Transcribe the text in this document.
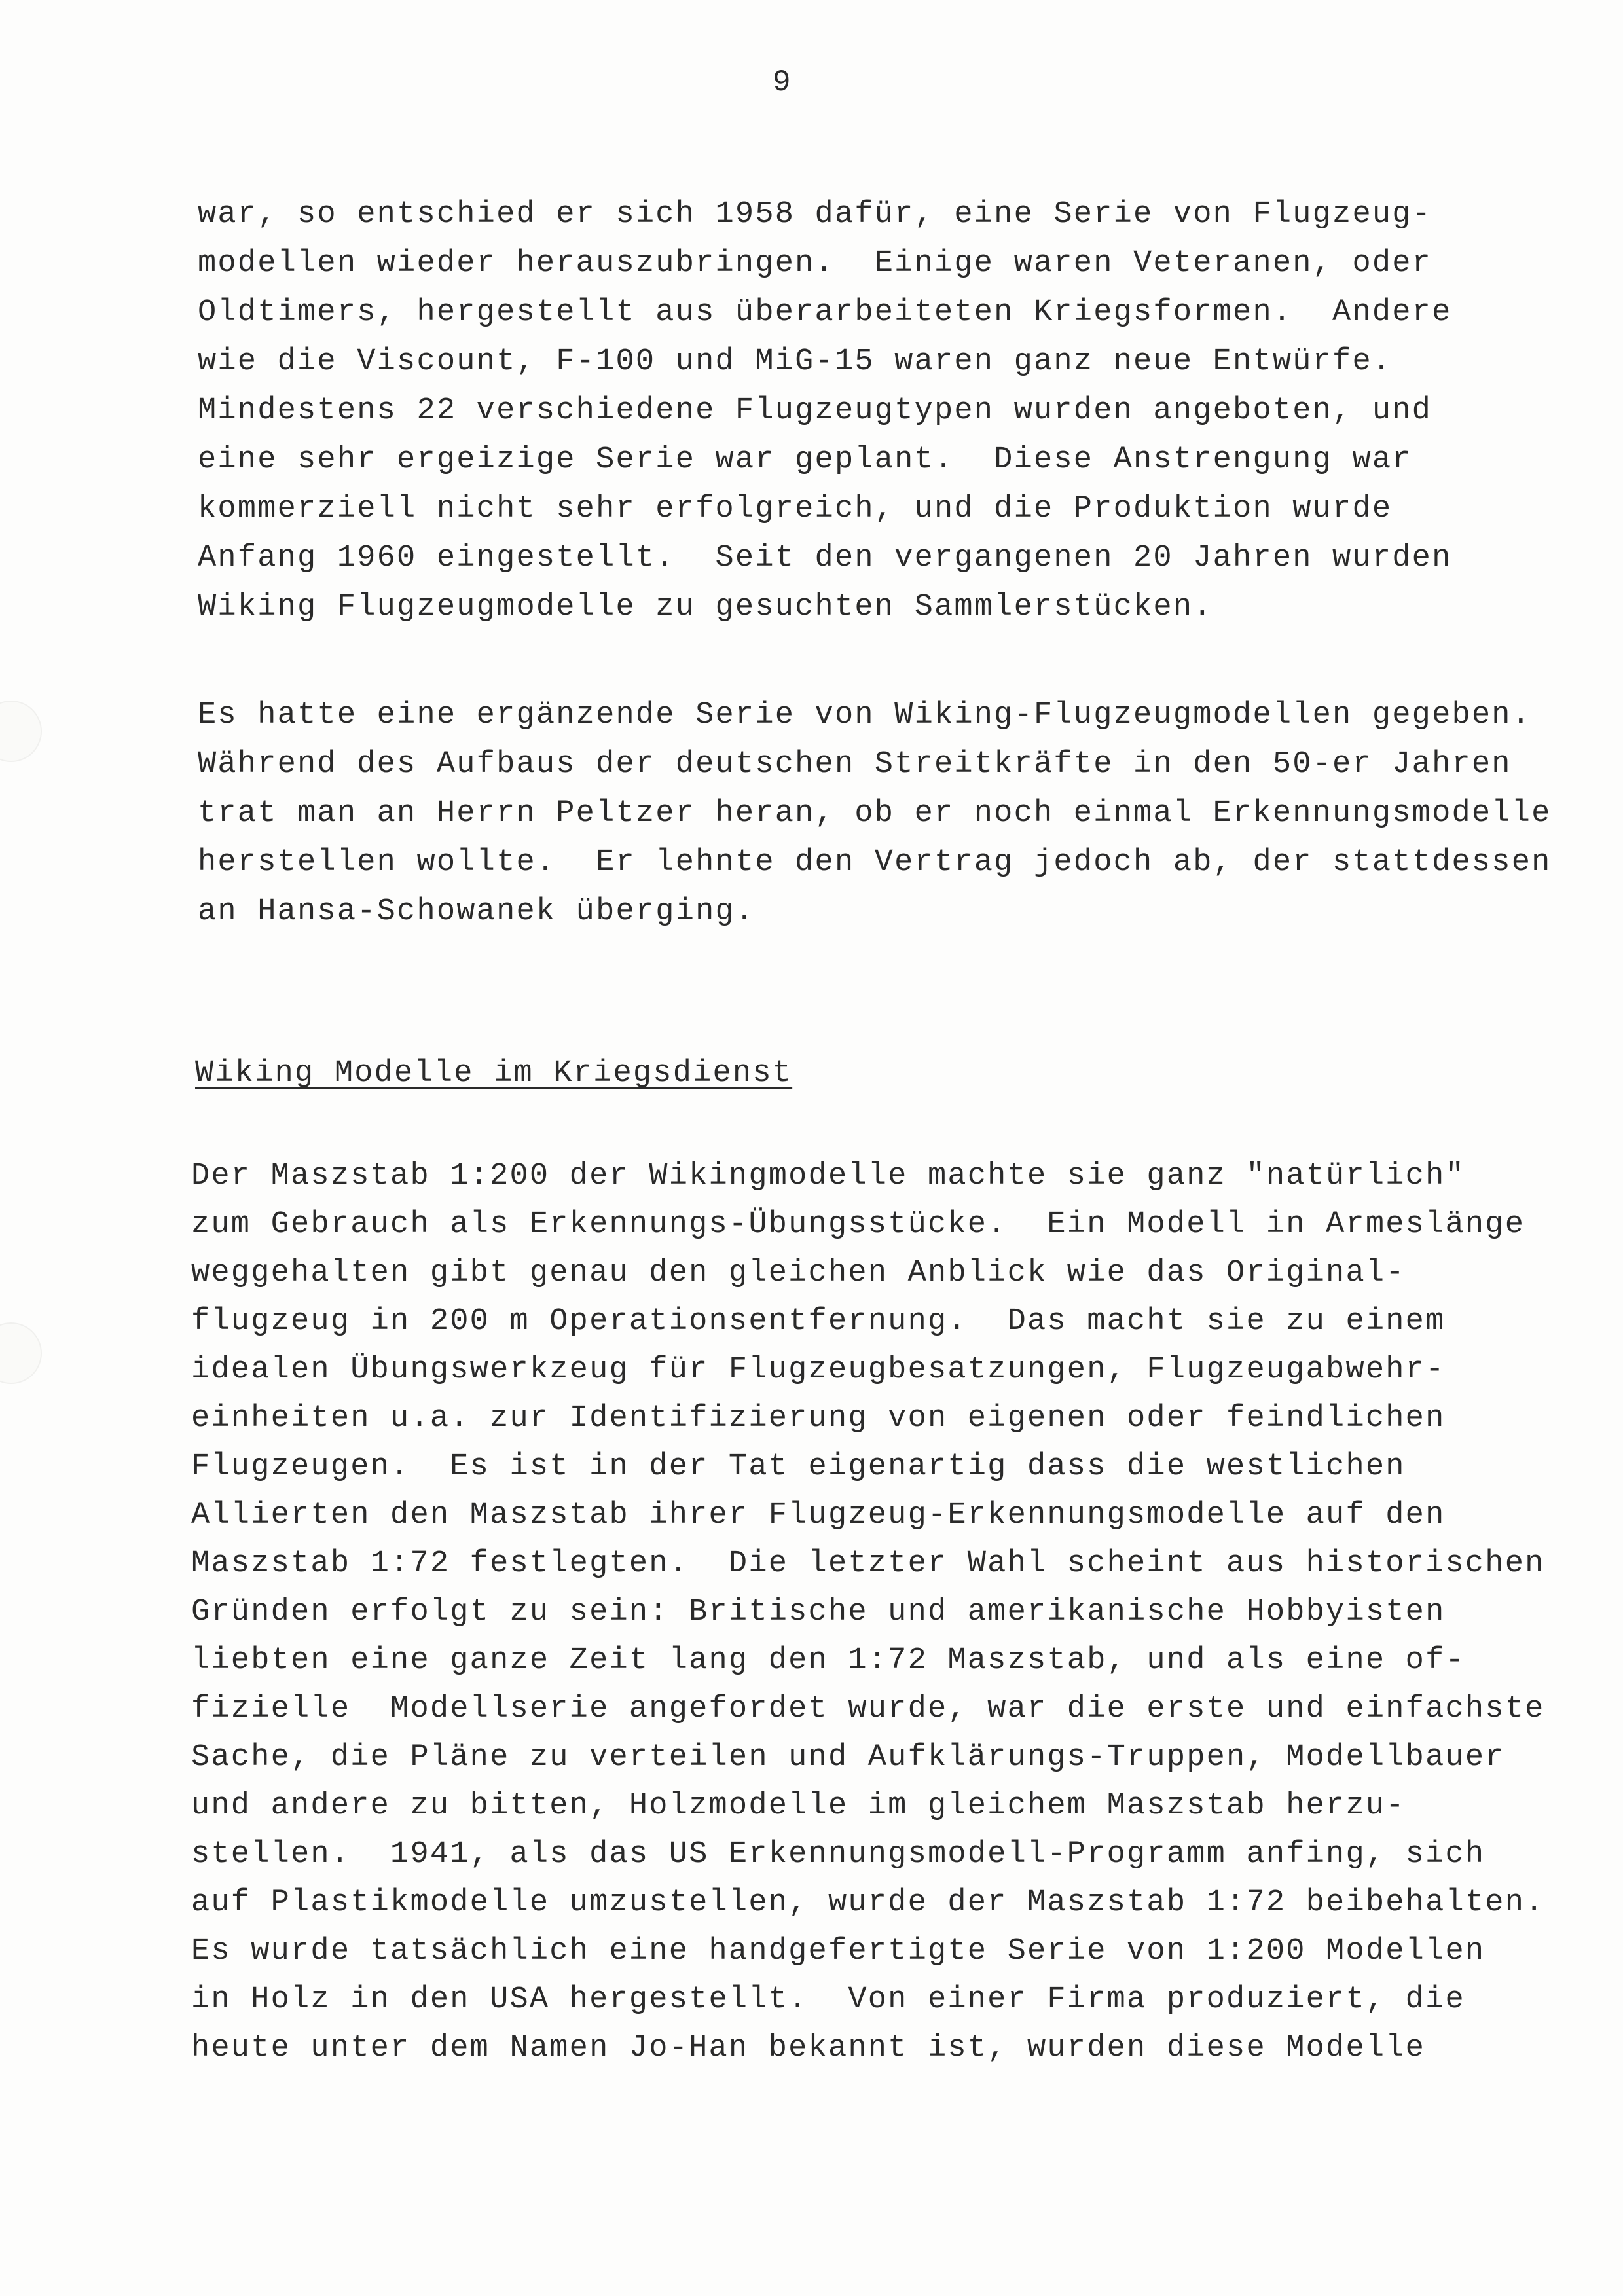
9
war, so entschied er sich 1958 dafür, eine Serie von Flugzeug-
modellen wieder herauszubringen.  Einige waren Veteranen, oder
Oldtimers, hergestellt aus überarbeiteten Kriegsformen.  Andere
wie die Viscount, F-100 und MiG-15 waren ganz neue Entwürfe.
Mindestens 22 verschiedene Flugzeugtypen wurden angeboten, und
eine sehr ergeizige Serie war geplant.  Diese Anstrengung war
kommerziell nicht sehr erfolgreich, und die Produktion wurde
Anfang 1960 eingestellt.  Seit den vergangenen 20 Jahren wurden
Wiking Flugzeugmodelle zu gesuchten Sammlerstücken.
Es hatte eine ergänzende Serie von Wiking-Flugzeugmodellen gegeben.
Während des Aufbaus der deutschen Streitkräfte in den 50-er Jahren
trat man an Herrn Peltzer heran, ob er noch einmal Erkennungsmodelle
herstellen wollte.  Er lehnte den Vertrag jedoch ab, der stattdessen
an Hansa-Schowanek überging.
Wiking Modelle im Kriegsdienst
Der Maszstab 1:200 der Wikingmodelle machte sie ganz "natürlich"
zum Gebrauch als Erkennungs-Übungsstücke.  Ein Modell in Armeslänge
weggehalten gibt genau den gleichen Anblick wie das Original-
flugzeug in 200 m Operationsentfernung.  Das macht sie zu einem
idealen Übungswerkzeug für Flugzeugbesatzungen, Flugzeugabwehr-
einheiten u.a. zur Identifizierung von eigenen oder feindlichen
Flugzeugen.  Es ist in der Tat eigenartig dass die westlichen
Allierten den Maszstab ihrer Flugzeug-Erkennungsmodelle auf den
Maszstab 1:72 festlegten.  Die letzter Wahl scheint aus historischen
Gründen erfolgt zu sein: Britische und amerikanische Hobbyisten
liebten eine ganze Zeit lang den 1:72 Maszstab, und als eine of-
fizielle  Modellserie angefordet wurde, war die erste und einfachste
Sache, die Pläne zu verteilen und Aufklärungs-Truppen, Modellbauer
und andere zu bitten, Holzmodelle im gleichem Maszstab herzu-
stellen.  1941, als das US Erkennungsmodell-Programm anfing, sich
auf Plastikmodelle umzustellen, wurde der Maszstab 1:72 beibehalten.
Es wurde tatsächlich eine handgefertigte Serie von 1:200 Modellen
in Holz in den USA hergestellt.  Von einer Firma produziert, die
heute unter dem Namen Jo-Han bekannt ist, wurden diese Modelle
